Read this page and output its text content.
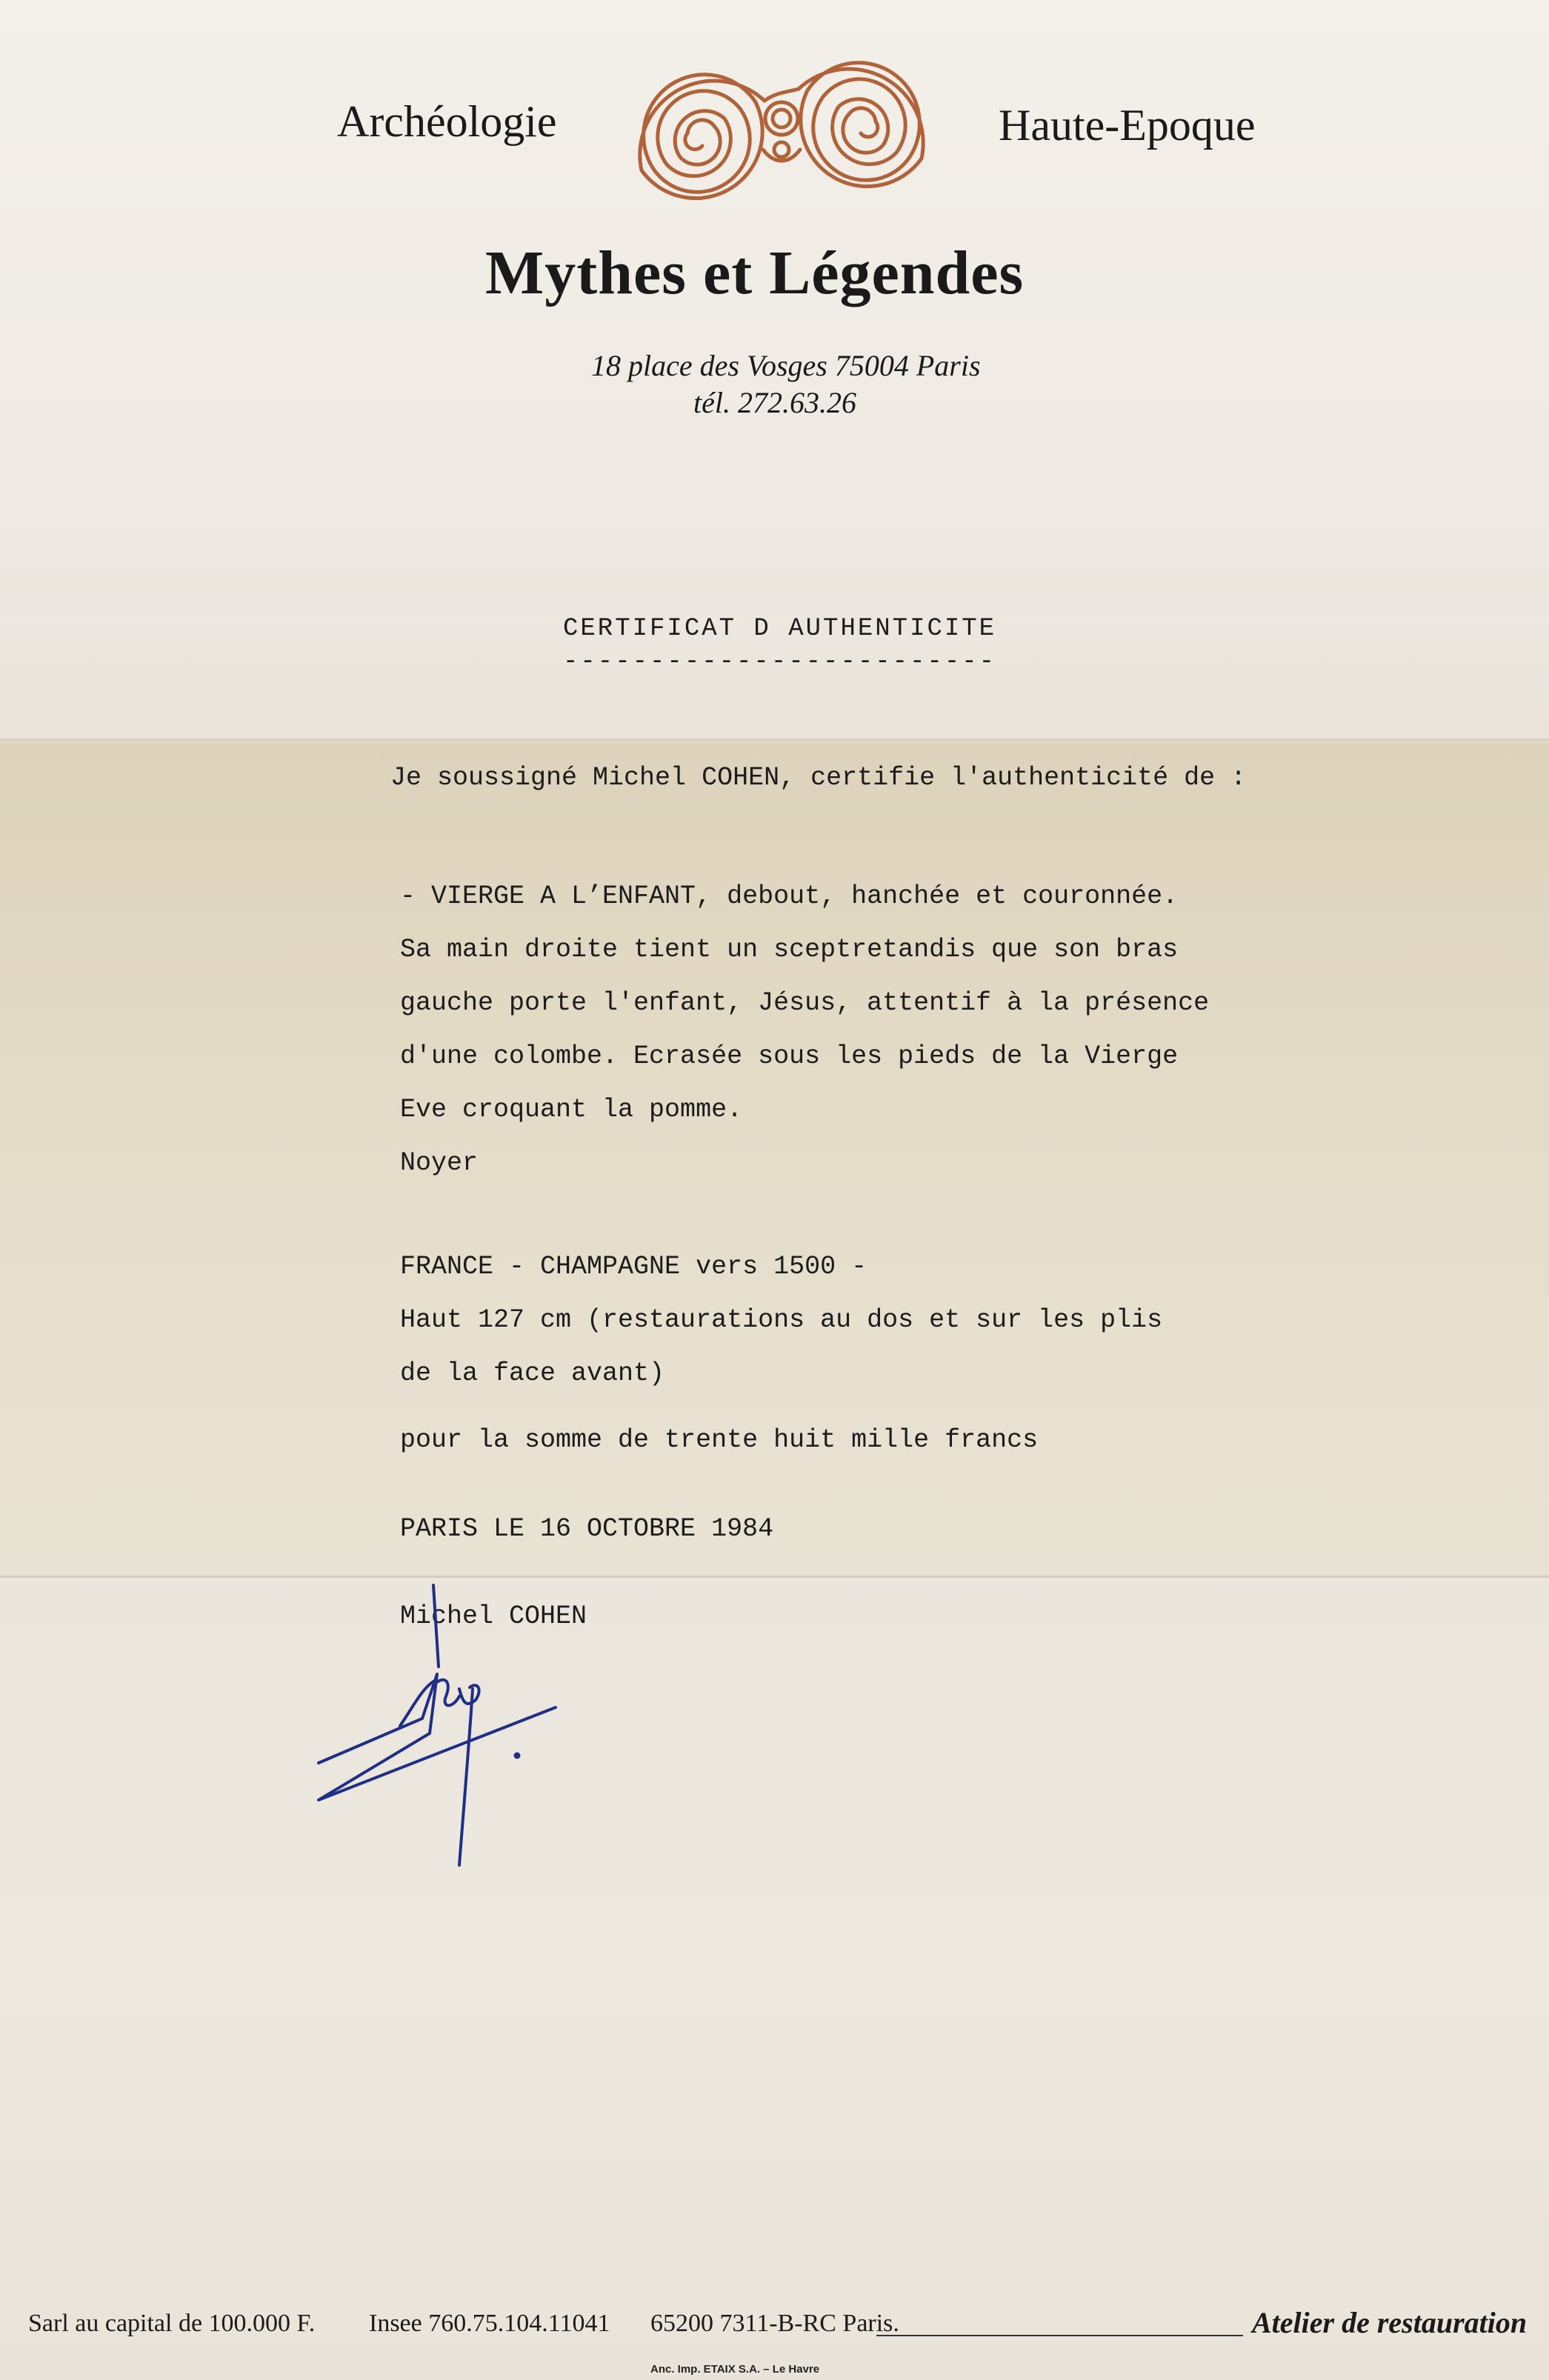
Archéologie	Haute-Epoque

Mythes et Légendes

18 place des Vosges 75004 Paris

tél. 272.63.26

CERTIFICAT D AUTHENTICITE

-------------------------

Je soussigné Michel COHEN, certifie l'authenticité de :

- VIERGE A L’ENFANT, debout, hanchée et couronnée.

Sa main droite tient un sceptretandis que son bras

gauche porte l'enfant, Jésus, attentif à la présence

d'une colombe. Ecrasée sous les pieds de la Vierge

Eve croquant la pomme.

Noyer

FRANCE - CHAMPAGNE vers 1500 -

Haut 127 cm (restaurations au dos et sur les plis

de la face avant)

pour la somme de trente huit mille francs

PARIS LE 16 OCTOBRE 1984

Michel COHEN

Sarl au capital de 100.000 F. Insee 760.75.104.11041 65200 7311-B-RC Paris.	Atelier de restauration

Anc. Imp. ETAIX S.A. – Le Havre
